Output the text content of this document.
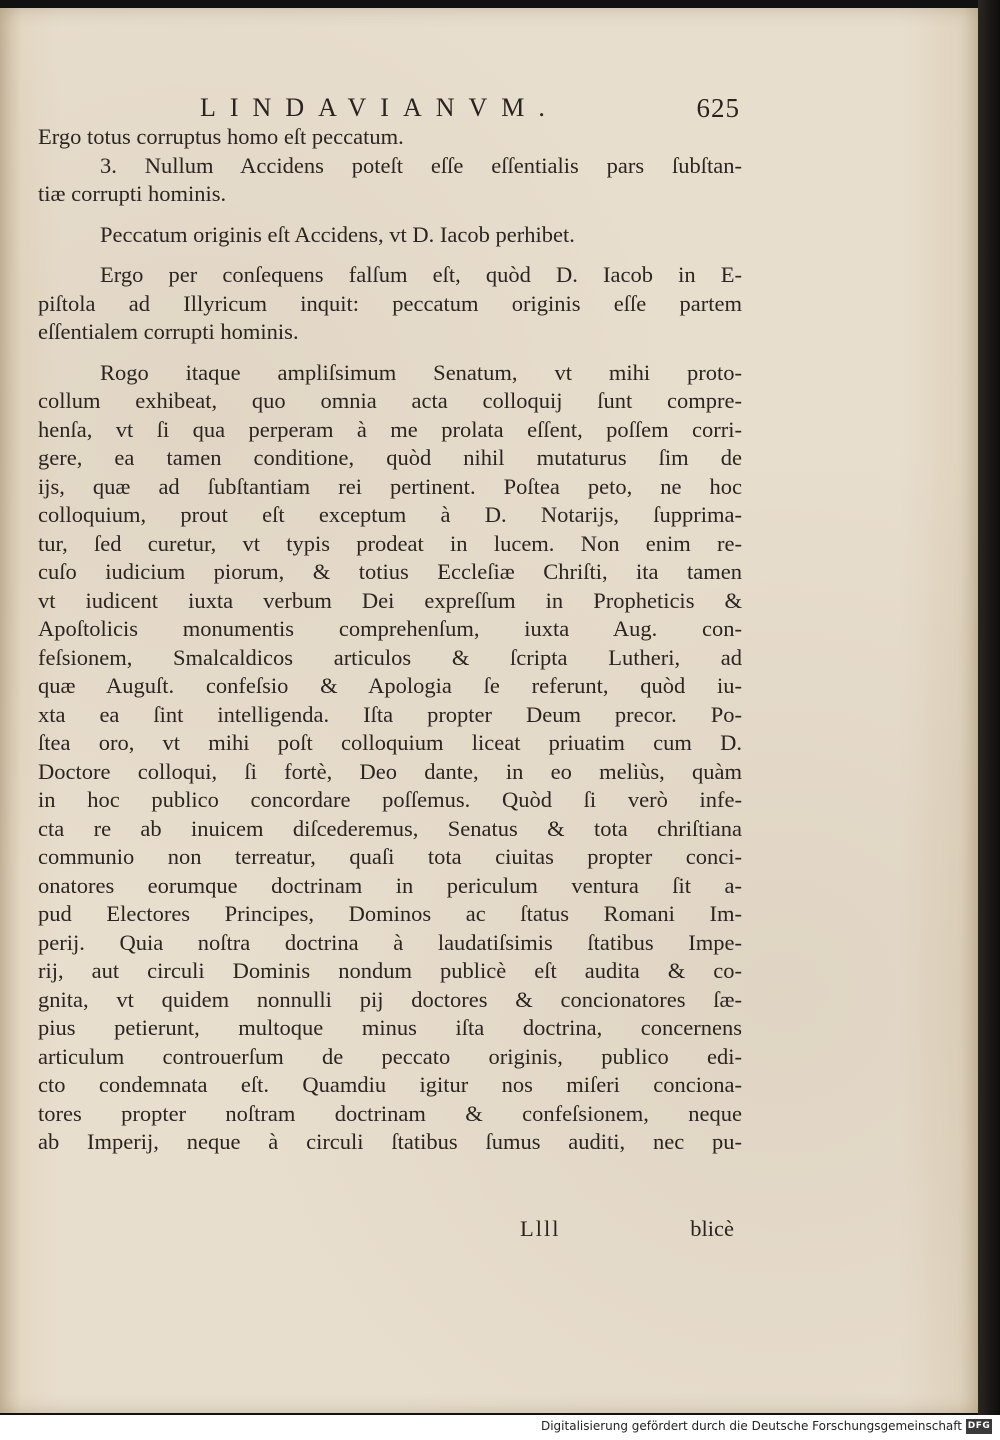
LINDAVIANVM.	625
Ergo totus corruptus homo eſt peccatum.
3. Nullum Accidens poteſt eſſe eſſentialis pars ſubſtan-
tiæ corrupti hominis.
Peccatum originis eſt Accidens, vt D. Iacob perhibet.
Ergo per conſequens falſum eſt, quòd D. Iacob in E-
piſtola ad Illyricum inquit: peccatum originis eſſe partem
eſſentialem corrupti hominis.
Rogo itaque ampliſsimum Senatum, vt mihi proto-
collum exhibeat, quo omnia acta colloquij ſunt compre-
henſa, vt ſi qua perperam à me prolata eſſent, poſſem corri-
gere, ea tamen conditione, quòd nihil mutaturus ſim de
ijs, quæ ad ſubſtantiam rei pertinent. Poſtea peto, ne hoc
colloquium, prout eſt exceptum à D. Notarijs, ſupprima-
tur, ſed curetur, vt typis prodeat in lucem. Non enim re-
cuſo iudicium piorum, & totius Eccleſiæ Chriſti, ita tamen
vt iudicent iuxta verbum Dei expreſſum in Propheticis &
Apoſtolicis monumentis comprehenſum, iuxta Aug. con-
feſsionem, Smalcaldicos articulos & ſcripta Lutheri, ad
quæ Auguſt. confeſsio & Apologia ſe referunt, quòd iu-
xta ea ſint intelligenda. Iſta propter Deum precor. Po-
ſtea oro, vt mihi poſt colloquium liceat priuatim cum D.
Doctore colloqui, ſi fortè, Deo dante, in eo meliùs, quàm
in hoc publico concordare poſſemus. Quòd ſi verò infe-
cta re ab inuicem diſcederemus, Senatus & tota chriſtiana
communio non terreatur, quaſi tota ciuitas propter conci-
onatores eorumque doctrinam in periculum ventura ſit a-
pud Electores Principes, Dominos ac ſtatus Romani Im-
perij. Quia noſtra doctrina à laudatiſsimis ſtatibus Impe-
rij, aut circuli Dominis nondum publicè eſt audita & co-
gnita, vt quidem nonnulli pij doctores & concionatores ſæ-
pius petierunt, multoque minus iſta doctrina, concernens
articulum controuerſum de peccato originis, publico edi-
cto condemnata eſt. Quamdiu igitur nos miſeri conciona-
tores propter noſtram doctrinam & confeſsionem, neque
ab Imperij, neque à circuli ſtatibus ſumus auditi, nec pu-
Llll	blicè
Digitalisierung gefördert durch die Deutsche Forschungsgemeinschaft DFG
